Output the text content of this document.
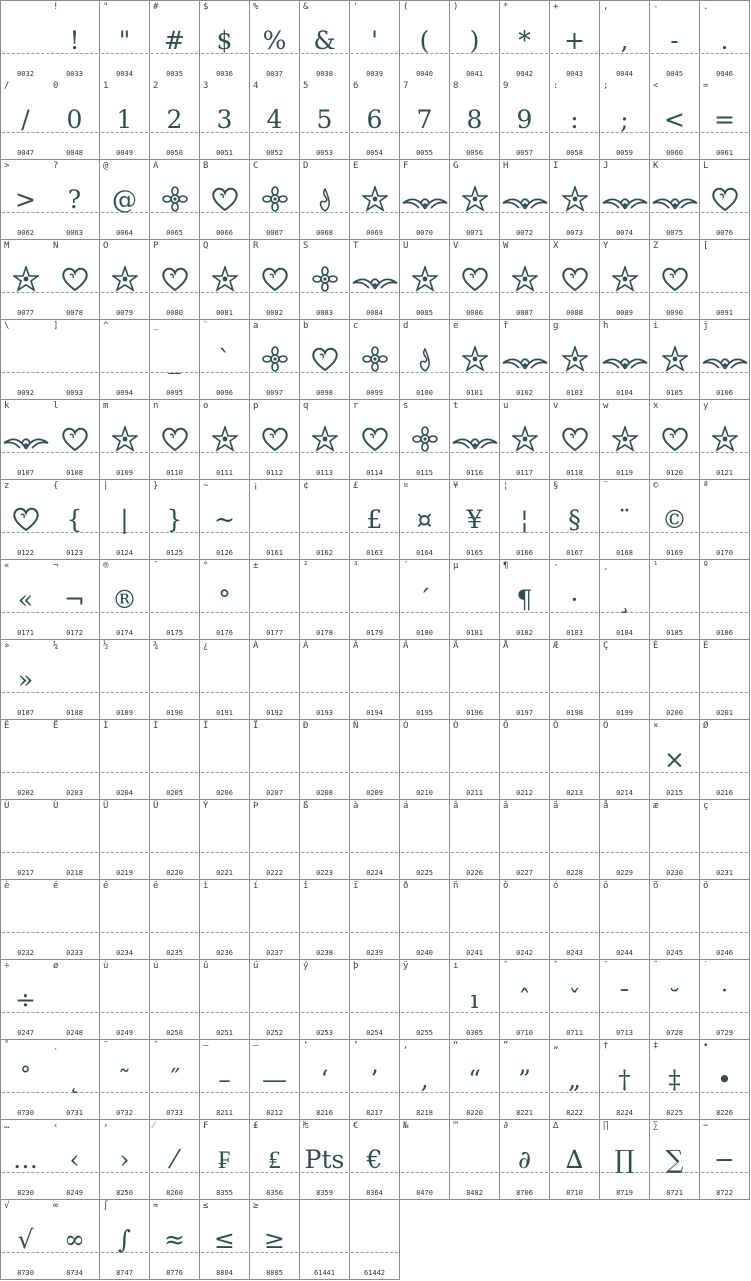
0032
!
!
0033
"
"
0034
#
#
0035
$
$
0036
%
%
0037
&
&
0038
'
'
0039
(
(
0040
)
)
0041
*
*
0042
+
+
0043
,
,
0044
-
-
0045
.
.
0046
/
/
0047
0
0
0048
1
1
0049
2
2
0050
3
3
0051
4
4
0052
5
5
0053
6
6
0054
7
7
0055
8
8
0056
9
9
0057
:
:
0058
;
;
0059
<
<
0060
=
=
0061
>
>
0062
?
?
0063
@
@
0064
A
0065
B
0066
C
0067
D
0068
E
0069
F
0070
G
0071
H
0072
I
0073
J
0074
K
0075
L
0076
M
0077
N
0078
O
0079
P
0080
Q
0081
R
0082
S
0083
T
0084
U
0085
V
0086
W
0087
X
0088
Y
0089
Z
0090
[
0091
\
0092
]
0093
^
0094
_
_
0095
`
`
0096
a
0097
b
0098
c
0099
d
0100
e
0101
f
0102
g
0103
h
0104
i
0105
j
0106
k
0107
l
0108
m
0109
n
0110
o
0111
p
0112
q
0113
r
0114
s
0115
t
0116
u
0117
v
0118
w
0119
x
0120
y
0121
z
0122
{
{
0123
|
|
0124
}
}
0125
~
~
0126
¡
0161
¢
0162
£
£
0163
¤
¤
0164
¥
¥
0165
¦
¦
0166
§
§
0167
¨
¨
0168
©
©
0169
ª
0170
«
«
0171
¬
¬
0172
®
®
0174
¯
0175
°
°
0176
±
0177
²
0178
³
0179
´
´
0180
µ
0181
¶
¶
0182
·
·
0183
¸
¸
0184
¹
0185
º
0186
»
»
0187
¼
0188
½
0189
¾
0190
¿
0191
À
0192
Á
0193
Â
0194
Ã
0195
Ä
0196
Å
0197
Æ
0198
Ç
0199
È
0200
É
0201
Ê
0202
Ë
0203
Ì
0204
Í
0205
Î
0206
Ï
0207
Ð
0208
Ñ
0209
Ò
0210
Ó
0211
Ô
0212
Õ
0213
Ö
0214
×
×
0215
Ø
0216
Ù
0217
Ú
0218
Û
0219
Ü
0220
Ý
0221
Þ
0222
ß
0223
à
0224
á
0225
â
0226
ã
0227
ä
0228
å
0229
æ
0230
ç
0231
è
0232
é
0233
ê
0234
ë
0235
ì
0236
í
0237
î
0238
ï
0239
ð
0240
ñ
0241
ò
0242
ó
0243
ô
0244
õ
0245
ö
0246
÷
÷
0247
ø
0248
ù
0249
ú
0250
û
0251
ü
0252
ý
0253
þ
0254
ÿ
0255
ı
ı
0305
ˆ
ˆ
0710
ˇ
ˇ
0711
ˉ
ˉ
0713
˘
˘
0728
˙
˙
0729
˚
˚
0730
˛
˛
0731
˜
˜
0732
˝
˝
0733
–
–
8211
—
—
8212
‘
‘
8216
’
’
8217
‚
‚
8218
“
“
8220
”
”
8221
„
„
8222
†
†
8224
‡
‡
8225
•
•
8226
…
…
8230
‹
‹
8249
›
›
8250
⁄
⁄
8260
₣
₣
8355
₤
₤
8356
₧
Pts
8359
€
€
8364
№
8470
™
8482
∂
∂
8706
∆
∆
8710
∏
∏
8719
∑
∑
8721
−
−
8722
√
√
8730
∞
∞
8734
∫
∫
8747
≈
≈
8776
≤
≤
8804
≥
≥
8805	61441	61442
